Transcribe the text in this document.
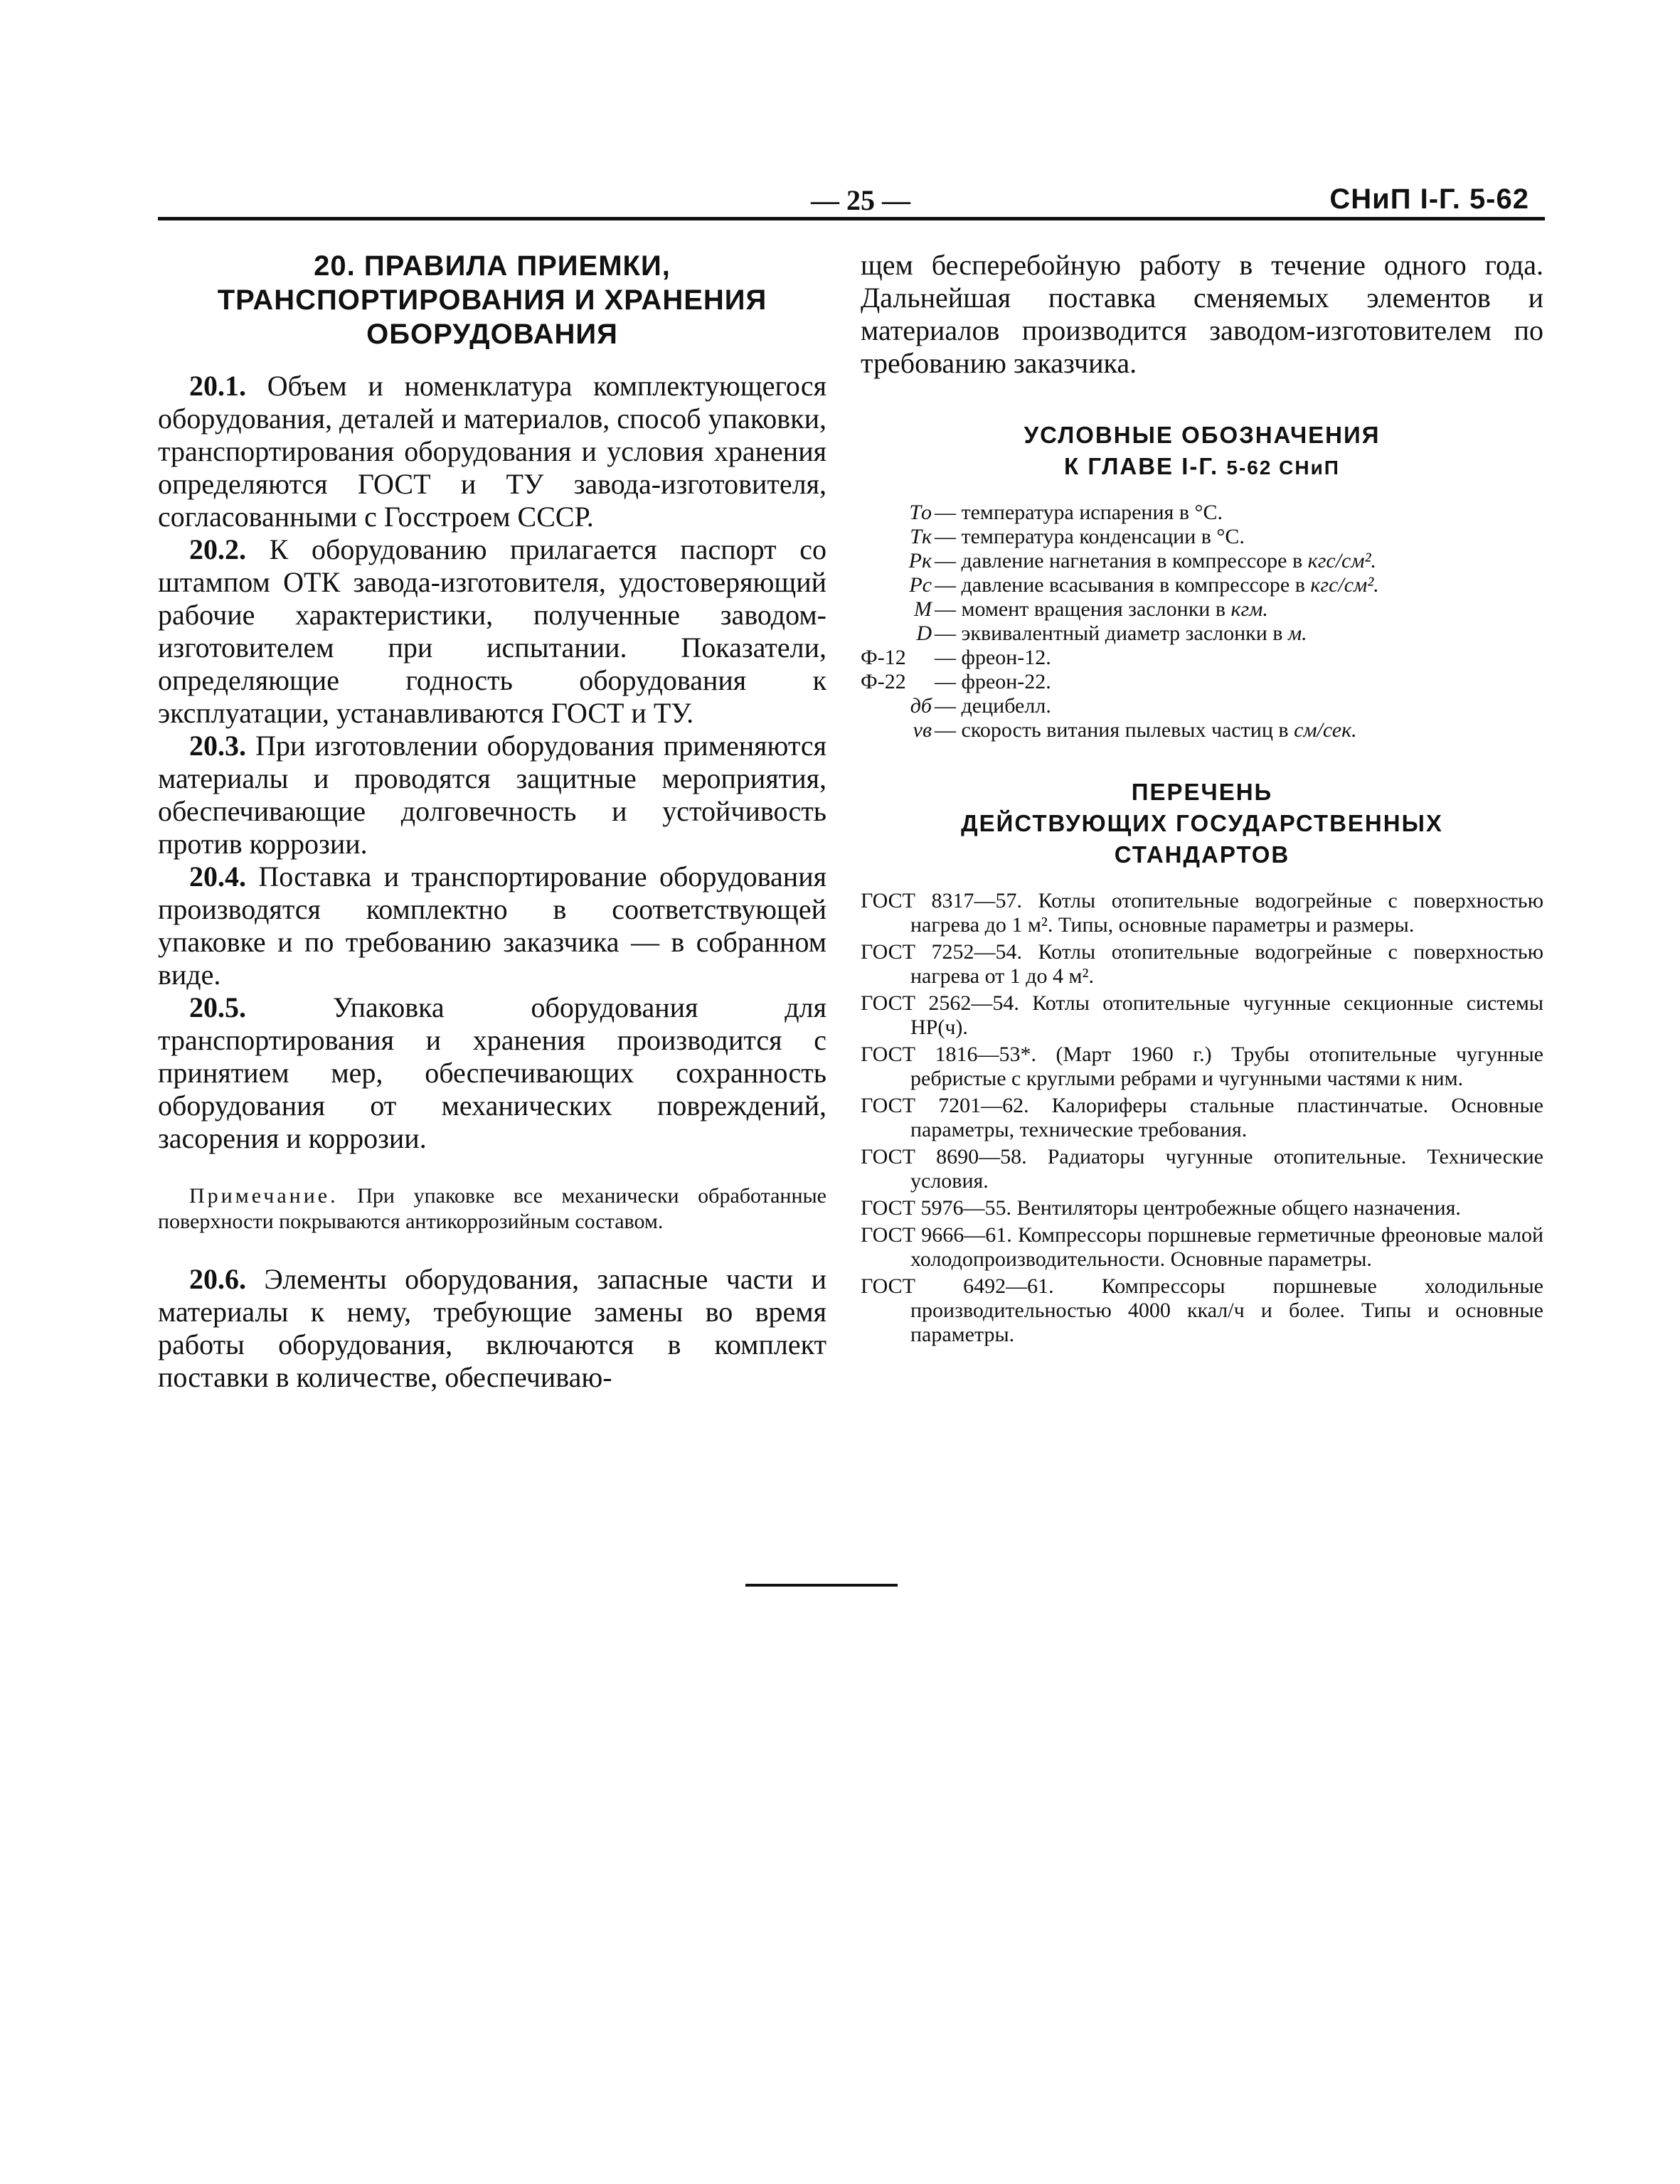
— 25 —	СНиП I-Г. 5-62
20. ПРАВИЛА ПРИЕМКИ, ТРАНСПОРТИРОВАНИЯ И ХРАНЕНИЯ ОБОРУДОВАНИЯ

20.1. Объем и номенклатура комплектующегося оборудования, деталей и материалов, способ упаковки, транспортирования оборудования и условия хранения определяются ГОСТ и ТУ завода-изготовителя, согласованными с Госстроем СССР.

20.2. К оборудованию прилагается паспорт со штампом ОТК завода-изготовителя, удостоверяющий рабочие характеристики, полученные заводом-изготовителем при испытании. Показатели, определяющие годность оборудования к эксплуатации, устанавливаются ГОСТ и ТУ.

20.3. При изготовлении оборудования применяются материалы и проводятся защитные мероприятия, обеспечивающие долговечность и устойчивость против коррозии.

20.4. Поставка и транспортирование оборудования производятся комплектно в соответствующей упаковке и по требованию заказчика — в собранном виде.

20.5.	Упаковка оборудования для транспортирования и хранения производится с принятием мер, обеспечивающих сохранность оборудования от механических повреждений, засорения и коррозии.

Примечание. При упаковке все механически обработанные поверхности покрываются антикоррозийным составом.

20.6. Элементы оборудования, запасные части и материалы к нему, требующие замены во время работы оборудования, включаются в комплект поставки в количестве, обеспечиваю-

щем бесперебойную работу в течение одного года. Дальнейшая поставка сменяемых элементов и материалов производится заводом-изготовителем по требованию заказчика.

УСЛОВНЫЕ ОБОЗНАЧЕНИЯ

К ГЛАВЕ I-Г. 5-62 СНиП

Tо — температура испарения в °С.
Tк — температура конденсации в °С.
Pк — давление нагнетания в компрессоре в кгс/см².
Pс — давление всасывания в компрессоре в кгс/см².
M — момент вращения заслонки в кгм.
D — эквивалентный диаметр заслонки в м.
Ф-12	— фреон-12.
Ф-22	— фреон-22.
дб — децибелл.
vв — скорость витания пылевых частиц в см/сек.

ПЕРЕЧЕНЬ

ДЕЙСТВУЮЩИХ ГОСУДАРСТВЕННЫХ

СТАНДАРТОВ

ГОСТ 8317—57. Котлы отопительные водогрейные с поверхностью нагрева до 1 м². Типы, основные параметры и размеры.

ГОСТ 7252—54. Котлы отопительные водогрейные с поверхностью нагрева от 1 до 4 м².

ГОСТ 2562—54. Котлы отопительные чугунные секционные системы НР(ч).

ГОСТ 1816—53*. (Март 1960 г.) Трубы отопительные чугунные ребристые с круглыми ребрами и чугунными частями к ним.

ГОСТ 7201—62. Калориферы стальные пластинчатые. Основные параметры, технические требования.

ГОСТ 8690—58. Радиаторы чугунные отопительные. Технические условия.

ГОСТ 5976—55. Вентиляторы центробежные общего назначения.

ГОСТ 9666—61. Компрессоры поршневые герметичные фреоновые малой холодопроизводительности. Основные параметры.

ГОСТ 6492—61. Компрессоры поршневые холодильные производительностью 4000 ккал/ч и более. Типы и основные параметры.
